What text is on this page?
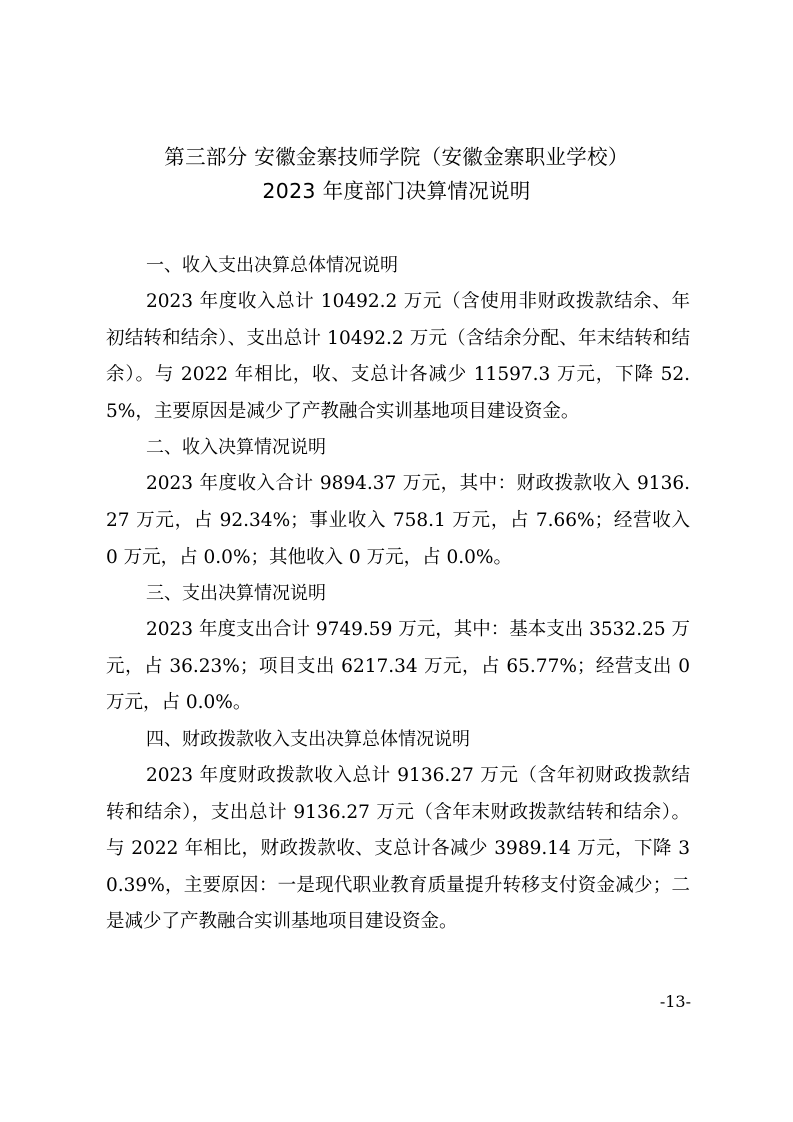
第三部分 安徽金寨技师学院（安徽金寨职业学校）
2023 年度部门决算情况说明
一、收入支出决算总体情况说明

2023 年度收入总计 10492.2 万元（含使用非财政拨款结余、年初结转和结余）、支出总计 10492.2 万元（含结余分配、年末结转和结余）。与 2022 年相比，收、支总计各减少 11597.3 万元，下降 52.5%，主要原因是减少了产教融合实训基地项目建设资金。

二、收入决算情况说明

2023 年度收入合计 9894.37 万元，其中：财政拨款收入 9136.27 万元，占 92.34%；事业收入 758.1 万元，占 7.66%；经营收入 0 万元，占 0.0%；其他收入 0 万元，占 0.0%。

三、支出决算情况说明

2023 年度支出合计 9749.59 万元，其中：基本支出 3532.25 万元，占 36.23%；项目支出 6217.34 万元，占 65.77%；经营支出 0 万元，占 0.0%。

四、财政拨款收入支出决算总体情况说明

2023 年度财政拨款收入总计 9136.27 万元（含年初财政拨款结转和结余），支出总计 9136.27 万元（含年末财政拨款结转和结余）。与 2022 年相比，财政拨款收、支总计各减少 3989.14 万元，下降 30.39%，主要原因：一是现代职业教育质量提升转移支付资金减少；二是减少了产教融合实训基地项目建设资金。

-13-
